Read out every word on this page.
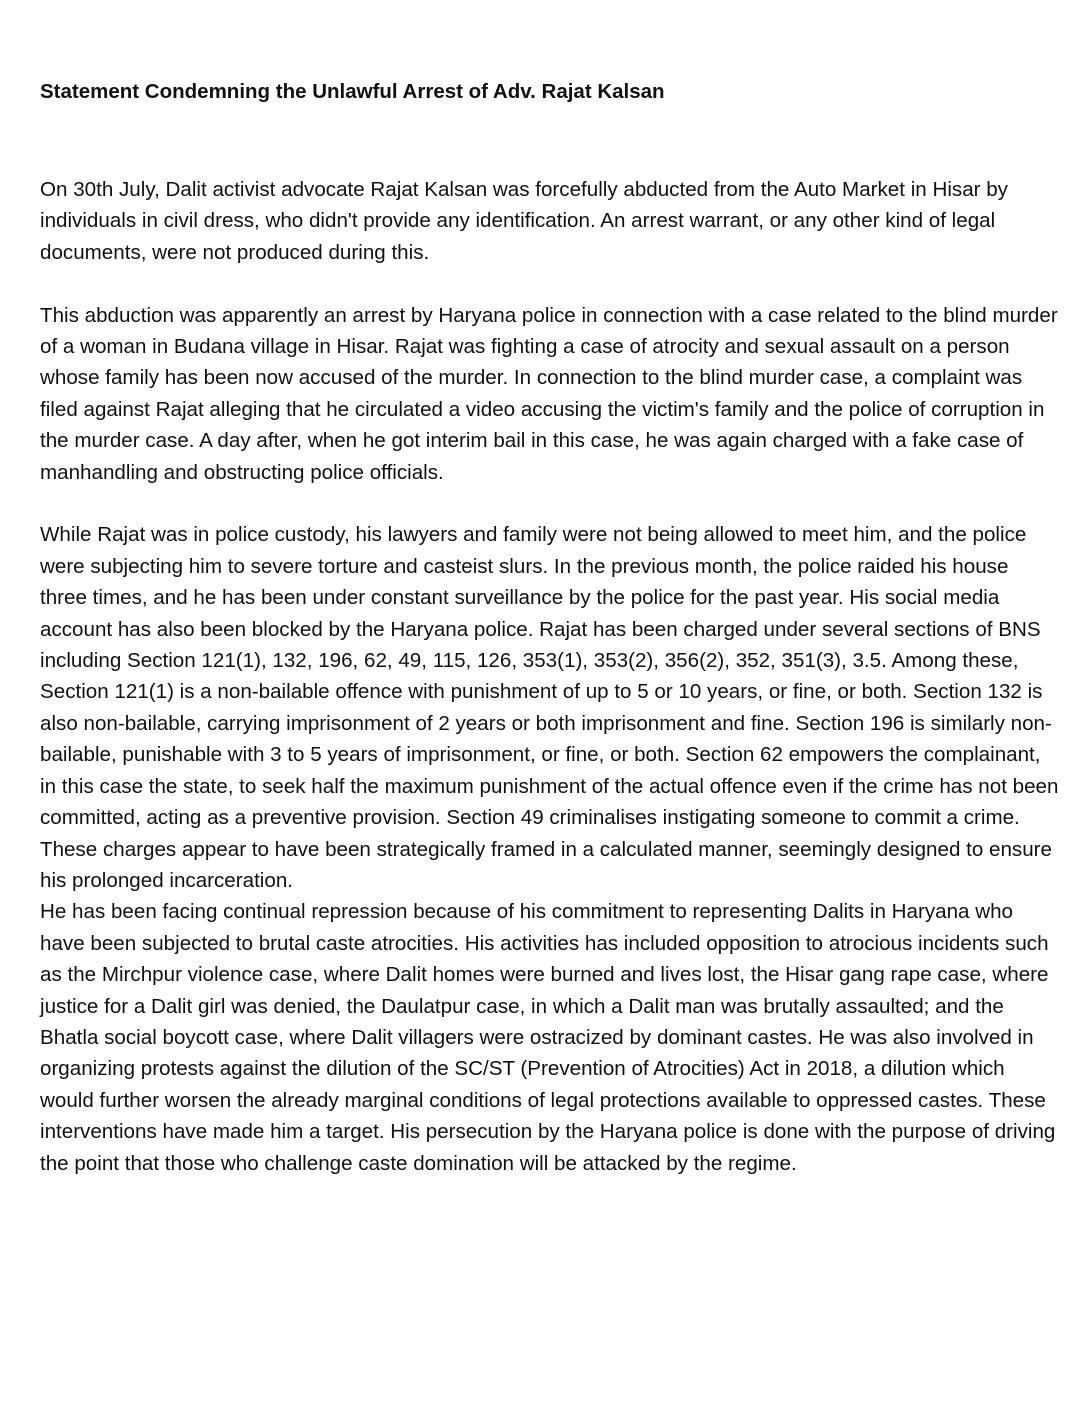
Statement Condemning the Unlawful Arrest of Adv. Rajat Kalsan

On 30th July, Dalit activist advocate Rajat Kalsan was forcefully abducted from the Auto Market in Hisar by individuals in civil dress, who didn't provide any identification. An arrest warrant, or any other kind of legal documents, were not produced during this.

This abduction was apparently an arrest by Haryana police in connection with a case related to the blind murder of a woman in Budana village in Hisar. Rajat was fighting a case of atrocity and sexual assault on a person whose family has been now accused of the murder. In connection to the blind murder case, a complaint was filed against Rajat alleging that he circulated a video accusing the victim's family and the police of corruption in the murder case. A day after, when he got interim bail in this case, he was again charged with a fake case of manhandling and obstructing police officials.

While Rajat was in police custody, his lawyers and family were not being allowed to meet him, and the police were subjecting him to severe torture and casteist slurs. In the previous month, the police raided his house three times, and he has been under constant surveillance by the police for the past year. His social media account has also been blocked by the Haryana police. Rajat has been charged under several sections of BNS including Section 121(1), 132, 196, 62, 49, 115, 126, 353(1), 353(2), 356(2), 352, 351(3), 3.5. Among these, Section 121(1) is a non-bailable offence with punishment of up to 5 or 10 years, or fine, or both. Section 132 is also non-bailable, carrying imprisonment of 2 years or both imprisonment and fine. Section 196 is similarly non-bailable, punishable with 3 to 5 years of imprisonment, or fine, or both. Section 62 empowers the complainant, in this case the state, to seek half the maximum punishment of the actual offence even if the crime has not been committed, acting as a preventive provision. Section 49 criminalises instigating someone to commit a crime.

These charges appear to have been strategically framed in a calculated manner, seemingly designed to ensure his prolonged incarceration.

He has been facing continual repression because of his commitment to representing Dalits in Haryana who have been subjected to brutal caste atrocities. His activities has included opposition to atrocious incidents such as the Mirchpur violence case, where Dalit homes were burned and lives lost, the Hisar gang rape case, where justice for a Dalit girl was denied, the Daulatpur case, in which a Dalit man was brutally assaulted; and the Bhatla social boycott case, where Dalit villagers were ostracized by dominant castes. He was also involved in organizing protests against the dilution of the SC/ST (Prevention of Atrocities) Act in 2018, a dilution which would further worsen the already marginal conditions of legal protections available to oppressed castes. These interventions have made him a target. His persecution by the Haryana police is done with the purpose of driving the point that those who challenge caste domination will be attacked by the regime.
